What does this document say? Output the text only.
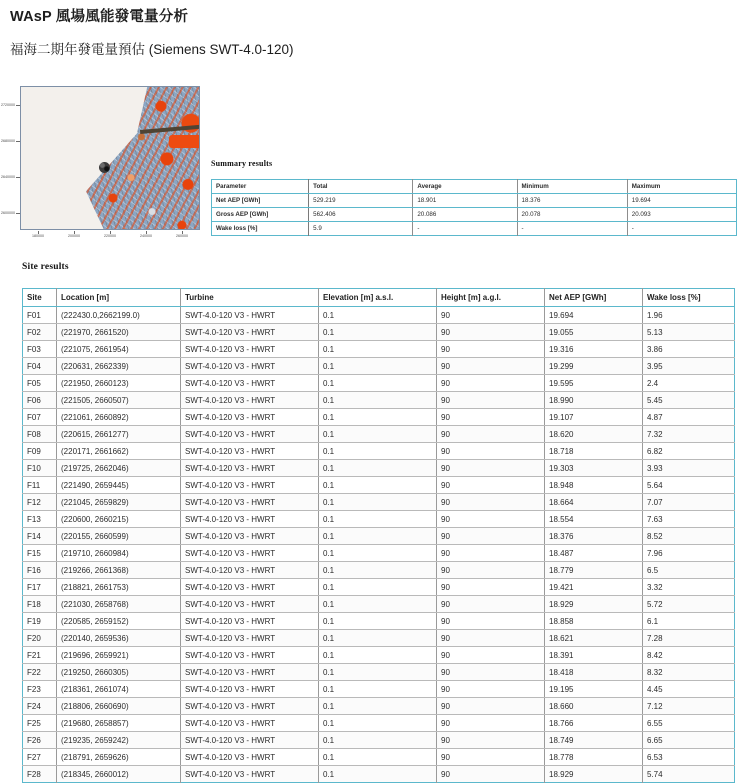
WAsP 風場風能發電量分析
福海二期年發電量預估 (Siemens SWT-4.0-120)
2720000
2680000
2640000
2600000
180000	200000	220000	240000	260000
Summary results
Parameter	Total	Average	Minimum	Maximum
Net AEP [GWh]	529.219	18.901	18.376	19.694
Gross AEP [GWh]	562.406	20.086	20.078	20.093
Wake loss [%]	5.9	-	-	-
Site results
Site	Location [m]	Turbine	Elevation [m] a.s.l.	Height [m] a.g.l.	Net AEP [GWh]	Wake loss [%]
F01	(222430.0,2662199.0)	SWT-4.0-120 V3 - HWRT	0.1	90	19.694	1.96
F02	(221970, 2661520)	SWT-4.0-120 V3 - HWRT	0.1	90	19.055	5.13
F03	(221075, 2661954)	SWT-4.0-120 V3 - HWRT	0.1	90	19.316	3.86
F04	(220631, 2662339)	SWT-4.0-120 V3 - HWRT	0.1	90	19.299	3.95
F05	(221950, 2660123)	SWT-4.0-120 V3 - HWRT	0.1	90	19.595	2.4
F06	(221505, 2660507)	SWT-4.0-120 V3 - HWRT	0.1	90	18.990	5.45
F07	(221061, 2660892)	SWT-4.0-120 V3 - HWRT	0.1	90	19.107	4.87
F08	(220615, 2661277)	SWT-4.0-120 V3 - HWRT	0.1	90	18.620	7.32
F09	(220171, 2661662)	SWT-4.0-120 V3 - HWRT	0.1	90	18.718	6.82
F10	(219725, 2662046)	SWT-4.0-120 V3 - HWRT	0.1	90	19.303	3.93
F11	(221490, 2659445)	SWT-4.0-120 V3 - HWRT	0.1	90	18.948	5.64
F12	(221045, 2659829)	SWT-4.0-120 V3 - HWRT	0.1	90	18.664	7.07
F13	(220600, 2660215)	SWT-4.0-120 V3 - HWRT	0.1	90	18.554	7.63
F14	(220155, 2660599)	SWT-4.0-120 V3 - HWRT	0.1	90	18.376	8.52
F15	(219710, 2660984)	SWT-4.0-120 V3 - HWRT	0.1	90	18.487	7.96
F16	(219266, 2661368)	SWT-4.0-120 V3 - HWRT	0.1	90	18.779	6.5
F17	(218821, 2661753)	SWT-4.0-120 V3 - HWRT	0.1	90	19.421	3.32
F18	(221030, 2658768)	SWT-4.0-120 V3 - HWRT	0.1	90	18.929	5.72
F19	(220585, 2659152)	SWT-4.0-120 V3 - HWRT	0.1	90	18.858	6.1
F20	(220140, 2659536)	SWT-4.0-120 V3 - HWRT	0.1	90	18.621	7.28
F21	(219696, 2659921)	SWT-4.0-120 V3 - HWRT	0.1	90	18.391	8.42
F22	(219250, 2660305)	SWT-4.0-120 V3 - HWRT	0.1	90	18.418	8.32
F23	(218361, 2661074)	SWT-4.0-120 V3 - HWRT	0.1	90	19.195	4.45
F24	(218806, 2660690)	SWT-4.0-120 V3 - HWRT	0.1	90	18.660	7.12
F25	(219680, 2658857)	SWT-4.0-120 V3 - HWRT	0.1	90	18.766	6.55
F26	(219235, 2659242)	SWT-4.0-120 V3 - HWRT	0.1	90	18.749	6.65
F27	(218791, 2659626)	SWT-4.0-120 V3 - HWRT	0.1	90	18.778	6.53
F28	(218345, 2660012)	SWT-4.0-120 V3 - HWRT	0.1	90	18.929	5.74
